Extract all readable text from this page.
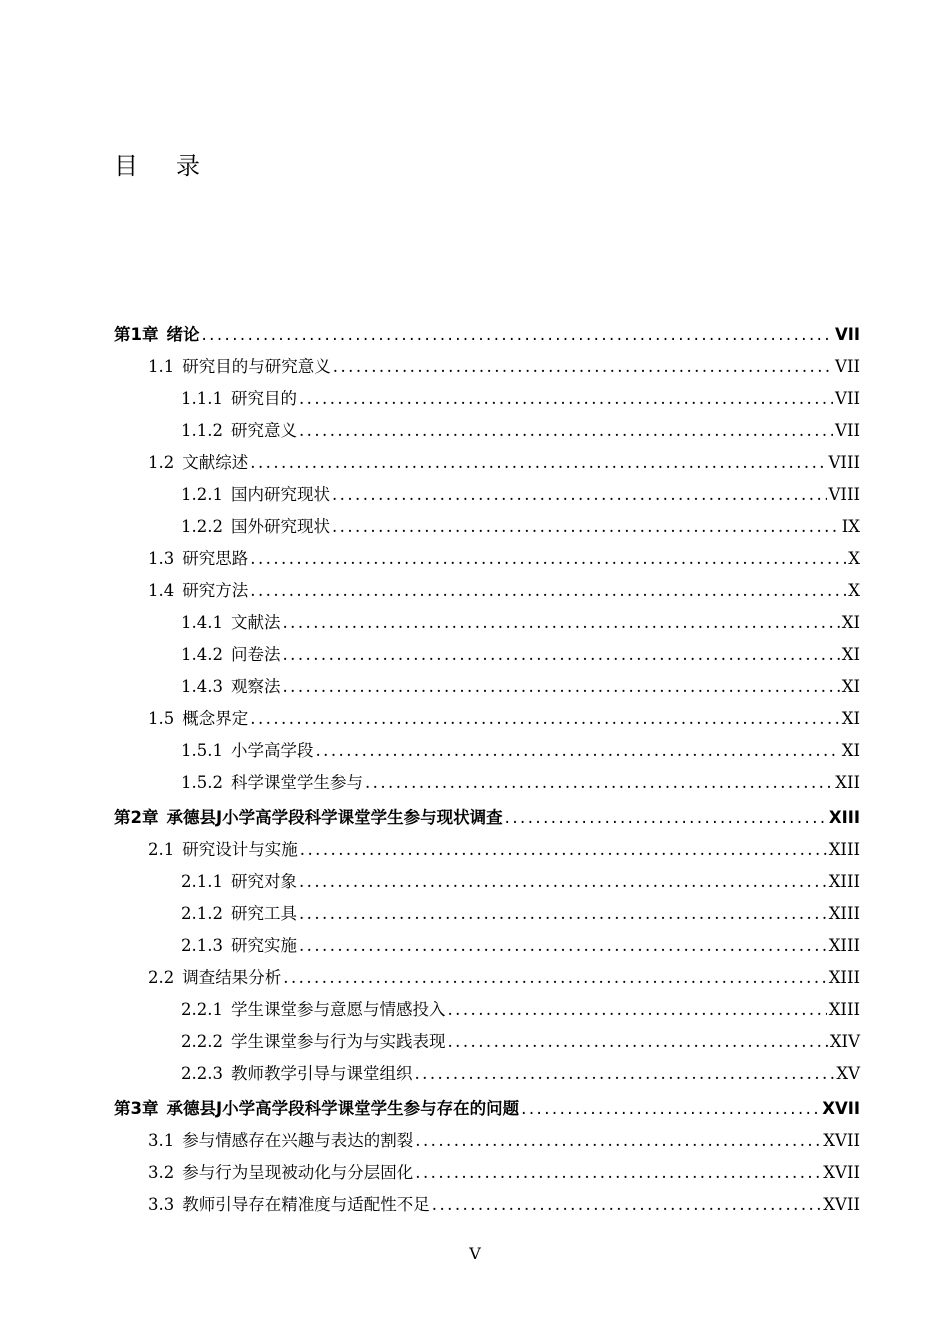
目 录
第1章 绪论 . . .	VII
1.1 研究目的与研究意义 . . .	VII
1.1.1 研究目的 . . .	VII
1.1.2 研究意义 . . .	VII
1.2 文献综述 . . .	VIII
1.2.1 国内研究现状 . . .	VIII
1.2.2 国外研究现状 . . .	IX
1.3 研究思路 . . .	X
1.4 研究方法 . . .	X
1.4.1 文献法 . . .	XI
1.4.2 问卷法 . . .	XI
1.4.3 观察法 . . .	XI
1.5 概念界定 . . .	XI
1.5.1 小学高学段 . . .	XI
1.5.2 科学课堂学生参与 . . .	XII
第2章 承德县J小学高学段科学课堂学生参与现状调查 . . .	XIII
2.1 研究设计与实施 . . .	XIII
2.1.1 研究对象 . . .	XIII
2.1.2 研究工具 . . .	XIII
2.1.3 研究实施 . . .	XIII
2.2 调查结果分析 . . .	XIII
2.2.1 学生课堂参与意愿与情感投入 . . .	XIII
2.2.2 学生课堂参与行为与实践表现 . . .	XIV
2.2.3 教师教学引导与课堂组织 . . .	XV
第3章 承德县J小学高学段科学课堂学生参与存在的问题 . . .	XVII
3.1 参与情感存在兴趣与表达的割裂 . . .	XVII
3.2 参与行为呈现被动化与分层固化 . . .	XVII
3.3 教师引导存在精准度与适配性不足 . . .	XVII
V
